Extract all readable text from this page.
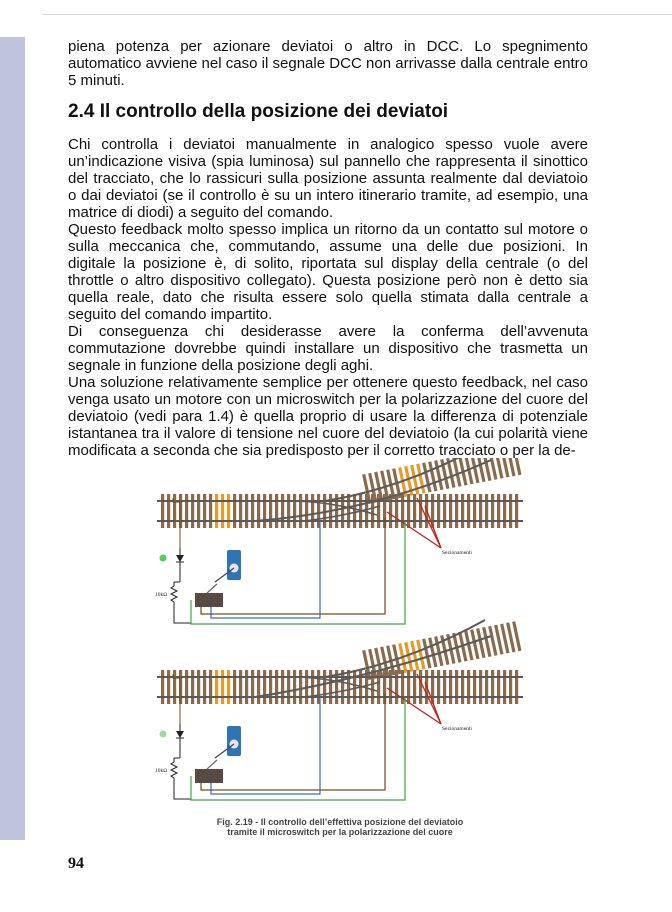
piena potenza per azionare deviatoi o altro in DCC. Lo spegnimento automatico avviene nel caso il segnale DCC non arrivasse dalla centrale entro 5 minuti.

2.4 Il controllo della posizione dei deviatoi

Chi controlla i deviatoi manualmente in analogico spesso vuole avere un’indicazione visiva (spia luminosa) sul pannello che rappresenta il sinottico del tracciato, che lo rassicuri sulla posizione assunta realmente dal deviatoio o dai deviatoi (se il controllo è su un intero itinerario tramite, ad esempio, una matrice di diodi) a seguito del comando.

Questo feedback molto spesso implica un ritorno da un contatto sul motore o sulla meccanica che, commutando, assume una delle due posizioni. In digitale la posizione è, di solito, riportata sul display della centrale (o del throttle o altro dispositivo collegato). Questa posizione però non è detto sia quella reale, dato che risulta essere solo quella stimata dalla centrale a seguito del comando impartito.

Di conseguenza chi desiderasse avere la conferma dell’avvenuta commutazione dovrebbe quindi installare un dispositivo che trasmetta un segnale in funzione della posizione degli aghi.

Una soluzione relativamente semplice per ottenere questo feedback, nel caso venga usato un motore con un microswitch per la polarizzazione del cuore del deviatoio (vedi para 1.4) è quella proprio di usare la differenza di potenziale istantanea tra il valore di tensione nel cuore del deviatoio (la cui polarità viene modificata a seconda che sia predisposto per il corretto tracciato o per la de-

Sezionamenti
10kΩ
Sezionamenti
10kΩ
Fig. 2.19 - Il controllo dell’effettiva posizione del deviatoio
tramite il microswitch per la polarizzazione del cuore
94
